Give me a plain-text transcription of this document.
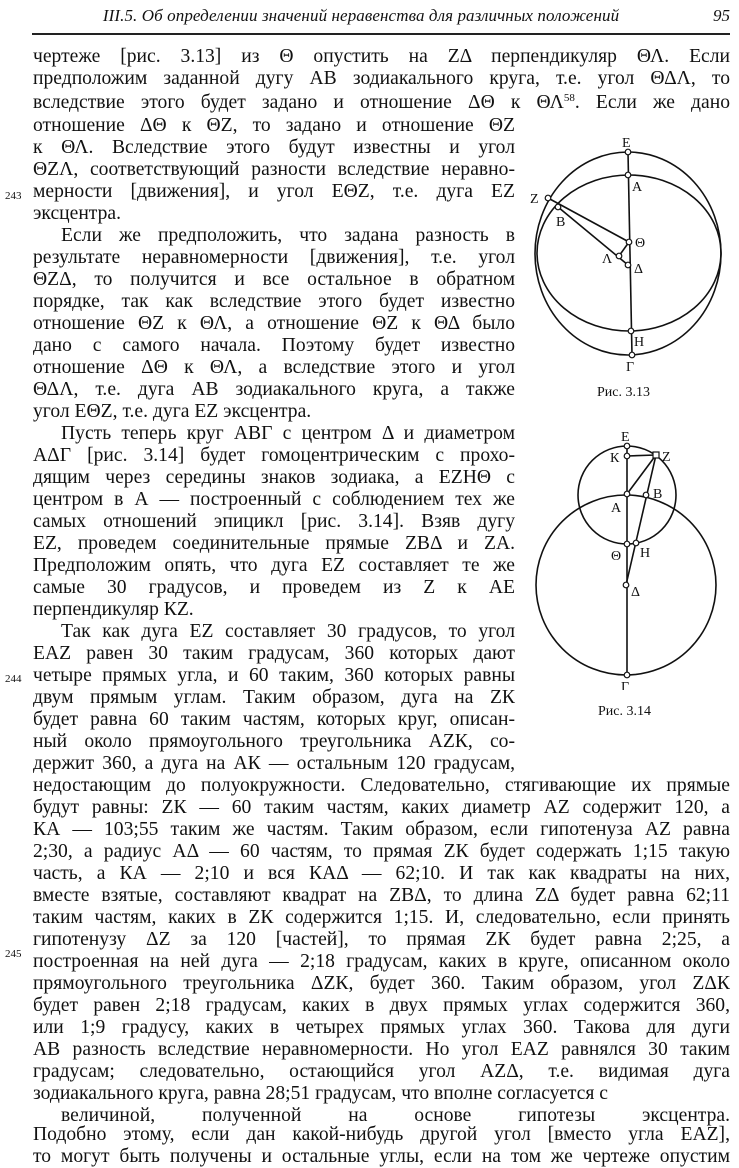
III.5. Об определении значений неравенства для различных положений	95
243
244
245
чертеже [рис. 3.13] из Θ опустить на ZΔ перпендикуляр ΘΛ. Если
предположим заданной дугу АВ зодиакального круга, т.е. угол ΘΔΛ, то
вследствие этого будет задано и отношение ΔΘ к ΘΛ$^{58}$. Если же дано
отношение ΔΘ к ΘZ, то задано и отношение ΘZ
к ΘΛ. Вследствие этого будут известны и угол
ΘZΛ, соответствующий разности вследствие неравно-
мерности [движения], и угол ЕΘZ, т.е. дуга ЕZ
эксцентра.
Если же предположить, что задана разность в
результате неравномерности [движения], т.е. угол
ΘZΔ, то получится и все остальное в обратном
порядке, так как вследствие этого будет известно
отношение ΘZ к ΘΛ, а отношение ΘZ к ΘΔ было
дано с самого начала. Поэтому будет известно
отношение ΔΘ к ΘΛ, а вследствие этого и угол
ΘΔΛ, т.е. дуга АВ зодиакального круга, а также
угол ЕΘZ, т.е. дуга ЕZ эксцентра.
Пусть теперь круг АВГ с центром Δ и диаметром
АΔГ [рис. 3.14] будет гомоцентрическим с прохо-
дящим через середины знаков зодиака, а ЕZНΘ с
центром в А — построенный с соблюдением тех же
самых отношений эпицикл [рис. 3.14]. Взяв дугу
ЕZ, проведем соединительные прямые ZВΔ и ZА.
Предположим опять, что дуга ЕZ составляет те же
самые 30 градусов, и проведем из Z к АЕ
перпендикуляр КZ.
Так как дуга ЕZ составляет 30 градусов, то угол
ЕАZ равен 30 таким градусам, 360 которых дают
четыре прямых угла, и 60 таким, 360 которых равны
двум прямым углам. Таким образом, дуга на ZК
будет равна 60 таким частям, которых круг, описан-
ный около прямоугольного треугольника АZК, со-
держит 360, а дуга на АК — остальным 120 градусам,
недостающим до полуокружности. Следовательно, стягивающие их прямые
будут равны: ZК — 60 таким частям, каких диаметр АZ содержит 120, а
КА — 103;55 таким же частям. Таким образом, если гипотенуза АZ равна
2;30, а радиус АΔ — 60 частям, то прямая ZК будет содержать 1;15 такую
часть, а КА — 2;10 и вся КАΔ — 62;10. И так как квадраты на них,
вместе взятые, составляют квадрат на ZВΔ, то длина ZΔ будет равна 62;11
таким частям, каких в ZК содержится 1;15. И, следовательно, если принять
гипотенузу ΔZ за 120 [частей], то прямая ZК будет равна 2;25, а
построенная на ней дуга — 2;18 градусам, каких в круге, описанном около
прямоугольного треугольника ΔZК, будет 360. Таким образом, угол ZΔК
будет равен 2;18 градусам, каких в двух прямых углах содержится 360,
или 1;9 градусу, каких в четырех прямых углах 360. Такова для дуги
АВ разность вследствие неравномерности. Но угол ЕАZ равнялся 30 таким
градусам; следовательно, остающийся угол АZΔ, т.е. видимая дуга
зодиакального круга, равна 28;51 градусам, что вполне согласуется с
величиной, полученной на основе гипотезы эксцентра.
Подобно этому, если дан какой-нибудь другой угол [вместо угла ЕАZ],
то могут быть получены и остальные углы, если на том же чертеже опустим
Е
А
Z
В
Θ
Λ
Δ
Н
Г
Рис. 3.13
Е
К	Z
А
В
Θ Н
Δ
Г
Рис. 3.14
